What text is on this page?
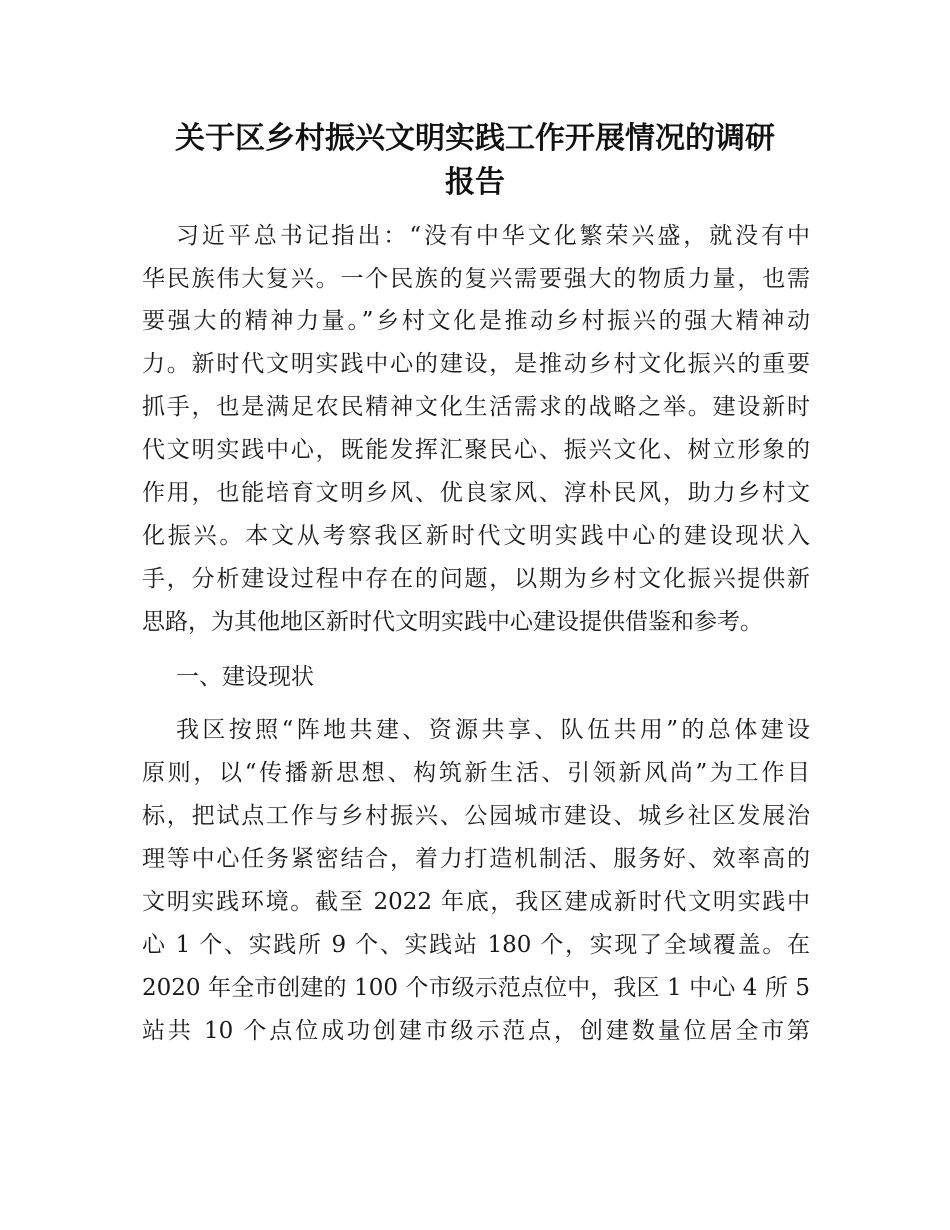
关于区乡村振兴文明实践工作开展情况的调研
报告
习近平总书记指出：“没有中华文化繁荣兴盛，就没有中
华民族伟大复兴。一个民族的复兴需要强大的物质力量，也需
要强大的精神力量。”乡村文化是推动乡村振兴的强大精神动
力。新时代文明实践中心的建设，是推动乡村文化振兴的重要
抓手，也是满足农民精神文化生活需求的战略之举。建设新时
代文明实践中心，既能发挥汇聚民心、振兴文化、树立形象的
作用，也能培育文明乡风、优良家风、淳朴民风，助力乡村文
化振兴。本文从考察我区新时代文明实践中心的建设现状入
手，分析建设过程中存在的问题，以期为乡村文化振兴提供新
思路，为其他地区新时代文明实践中心建设提供借鉴和参考。
一、建设现状
我区按照“阵地共建、资源共享、队伍共用”的总体建设
原则，以“传播新思想、构筑新生活、引领新风尚”为工作目
标，把试点工作与乡村振兴、公园城市建设、城乡社区发展治
理等中心任务紧密结合，着力打造机制活、服务好、效率高的
文明实践环境。截至 2022 年底，我区建成新时代文明实践中
心 1 个、实践所 9 个、实践站 180 个，实现了全域覆盖。在
2020 年全市创建的 100 个市级示范点位中，我区 1 中心 4 所 5
站共 10 个点位成功创建市级示范点，创建数量位居全市第
